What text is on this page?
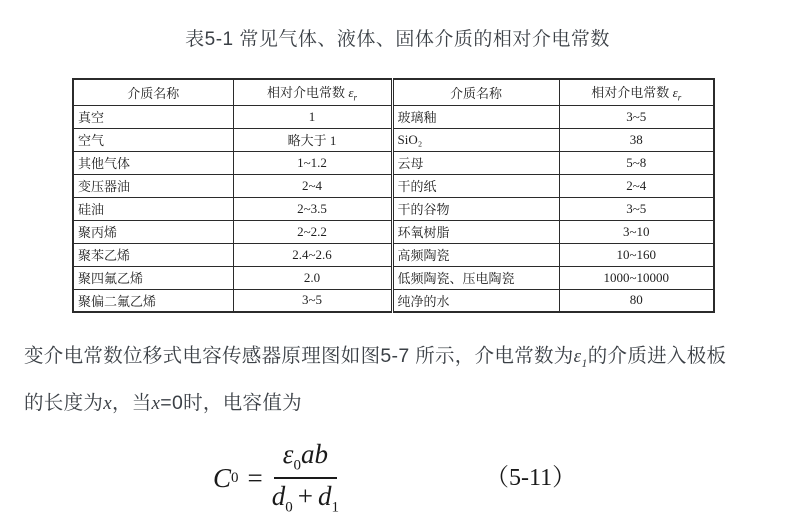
表5-1 常见气体、液体、固体介质的相对介电常数
介质名称	相对介电常数 $\varepsilon_r$	介质名称	相对介电常数 $\varepsilon_r$
真空	1	玻璃釉	3~5
空气	略大于 1	SiO₂	38
其他气体	1~1.2	云母	5~8
变压器油	2~4	干的纸	2~4
硅油	2~3.5	干的谷物	3~5
聚丙烯	2~2.2	环氧树脂	3~10
聚苯乙烯	2.4~2.6	高频陶瓷	10~160
聚四氟乙烯	2.0	低频陶瓷、压电陶瓷	1000~10000
聚偏二氟乙烯	3~5	纯净的水	80
变介电常数位移式电容传感器原理图如图5-7 所示，介电常数为$\varepsilon_1$的介质进入极板
的长度为x，当x=0时，电容值为
C $0 = \frac{\varepsilon_0ab}{d_0 + d_1}$	（5-11）
